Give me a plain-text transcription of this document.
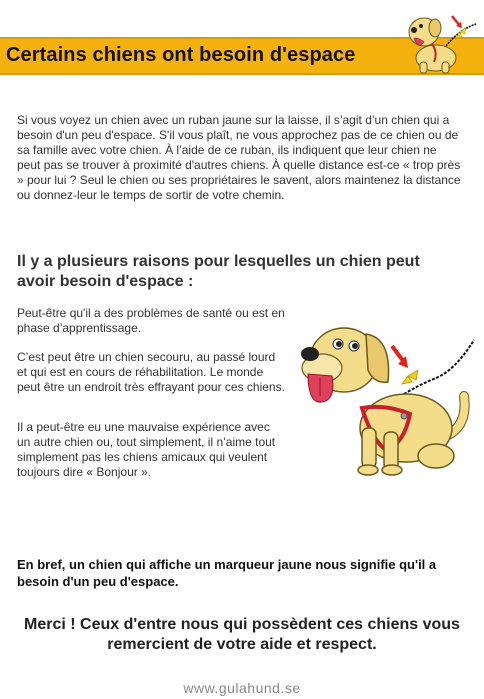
Certains chiens ont besoin d'espace

Si vous voyez un chien avec un ruban jaune sur la laisse, il s’agit d’un chien qui a besoin d'un peu d'espace. S'il vous plaît, ne vous approchez pas de ce chien ou de sa famille avec votre chien. À l’aide de ce ruban, ils indiquent que leur chien ne peut pas se trouver à proximité d'autres chiens. À quelle distance est-ce « trop près » pour lui ? Seul le chien ou ses propriétaires le savent, alors maintenez la distance ou donnez-leur le temps de sortir de votre chemin.

Il y a plusieurs raisons pour lesquelles un chien peut avoir besoin d'espace :

Peut-être qu'il a des problèmes de santé ou est en phase d’apprentissage.

C’est peut être un chien secouru, au passé lourd et qui est en cours de réhabilitation. Le monde peut être un endroit très effrayant pour ces chiens.

Il a peut-être eu une mauvaise expérience avec un autre chien ou, tout simplement, il n’aime tout simplement pas les chiens amicaux qui veulent toujours dire « Bonjour ».

En bref, un chien qui affiche un marqueur jaune nous signifie qu'il a besoin d'un peu d'espace.

Merci ! Ceux d'entre nous qui possèdent ces chiens vous remercient de votre aide et respect.

www.gulahund.se
